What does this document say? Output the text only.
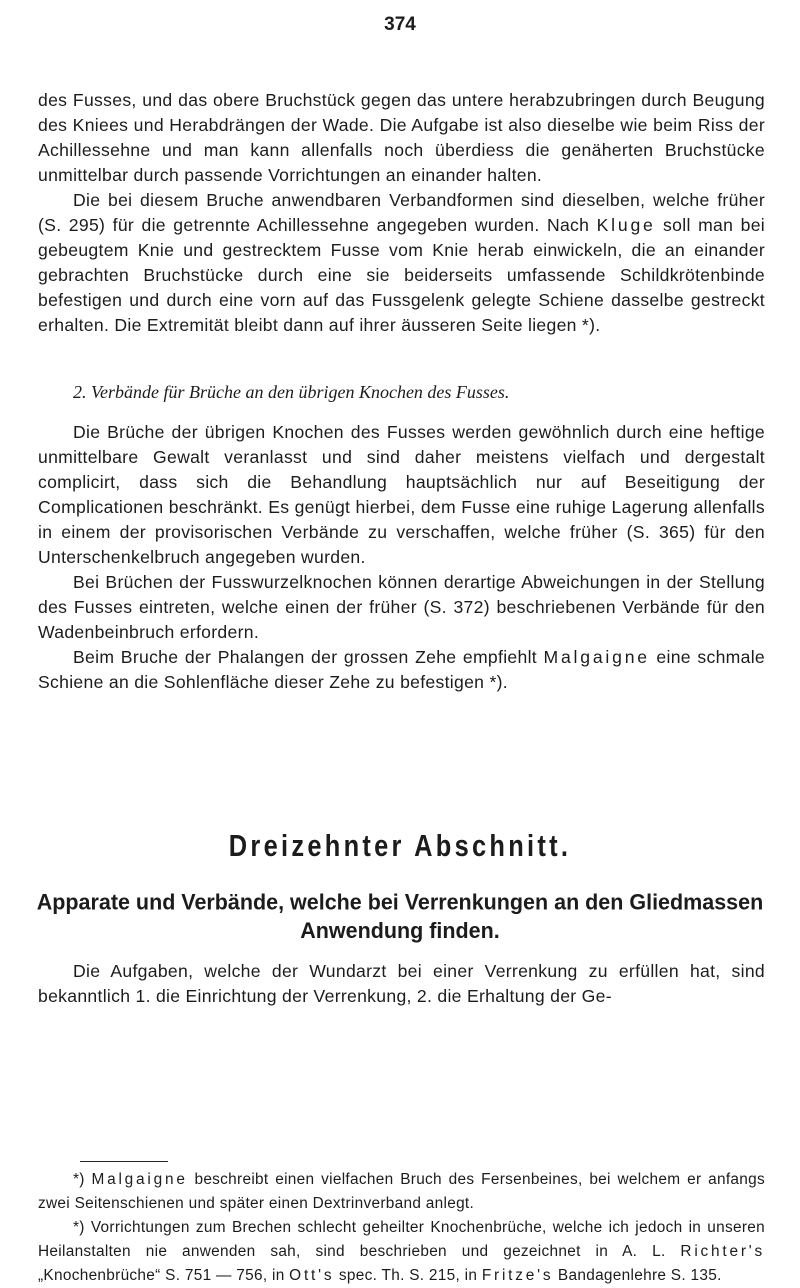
374

des Fusses, und das obere Bruchstück gegen das untere herabzubringen durch Beugung des Kniees und Herabdrängen der Wade. Die Aufgabe ist also dieselbe wie beim Riss der Achillessehne und man kann allenfalls noch überdiess die genäherten Bruchstücke unmittelbar durch passende Vorrichtungen an einander halten.

Die bei diesem Bruche anwendbaren Verbandformen sind dieselben, welche früher (S. 295) für die getrennte Achillessehne angegeben wurden. Nach Kluge soll man bei gebeugtem Knie und gestrecktem Fusse vom Knie herab einwickeln, die an einander gebrachten Bruchstücke durch eine sie beiderseits umfassende Schildkrötenbinde befestigen und durch eine vorn auf das Fussgelenk gelegte Schiene dasselbe gestreckt erhalten. Die Extremität bleibt dann auf ihrer äusseren Seite liegen *).

2. Verbände für Brüche an den übrigen Knochen des Fusses.

Die Brüche der übrigen Knochen des Fusses werden gewöhnlich durch eine heftige unmittelbare Gewalt veranlasst und sind daher meistens vielfach und dergestalt complicirt, dass sich die Behandlung hauptsächlich nur auf Beseitigung der Complicationen beschränkt. Es genügt hierbei, dem Fusse eine ruhige Lagerung allenfalls in einem der provisorischen Verbände zu verschaffen, welche früher (S. 365) für den Unterschenkelbruch angegeben wurden.

Bei Brüchen der Fusswurzelknochen können derartige Abweichungen in der Stellung des Fusses eintreten, welche einen der früher (S. 372) beschriebenen Verbände für den Wadenbeinbruch erfordern.

Beim Bruche der Phalangen der grossen Zehe empfiehlt Malgaigne eine schmale Schiene an die Sohlenfläche dieser Zehe zu befestigen *).

Dreizehnter Abschnitt.
Apparate und Verbände, welche bei Verrenkungen an den Gliedmassen Anwendung finden.

Die Aufgaben, welche der Wundarzt bei einer Verrenkung zu erfüllen hat, sind bekanntlich 1. die Einrichtung der Verrenkung, 2. die Erhaltung der Ge-

*) Malgaigne beschreibt einen vielfachen Bruch des Fersenbeines, bei welchem er anfangs zwei Seitenschienen und später einen Dextrinverband anlegt.

*) Vorrichtungen zum Brechen schlecht geheilter Knochenbrüche, welche ich jedoch in unseren Heilanstalten nie anwenden sah, sind beschrieben und gezeichnet in A. L. Richter's „Knochenbrüche“ S. 751 — 756, in Ott's spec. Th. S. 215, in Fritze's Bandagenlehre S. 135.
